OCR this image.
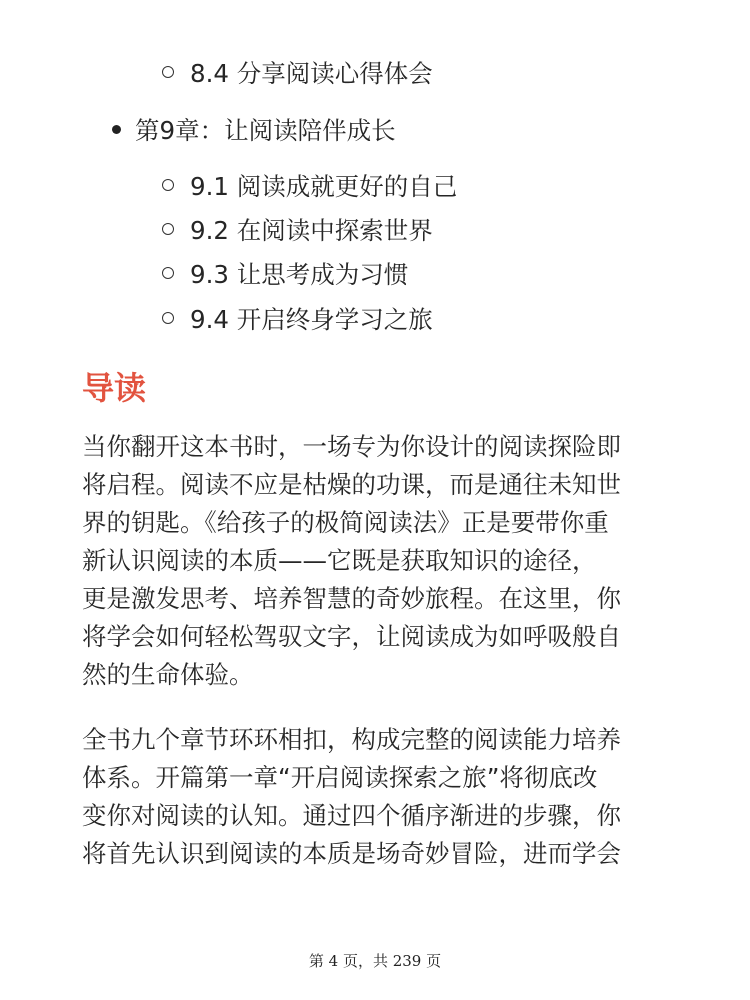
8.4 分享阅读心得体会
第9章：让阅读陪伴成长
9.1 阅读成就更好的自己
9.2 在阅读中探索世界
9.3 让思考成为习惯
9.4 开启终身学习之旅
导读

当你翻开这本书时，一场专为你设计的阅读探险即
将启程。阅读不应是枯燥的功课，而是通往未知世
界的钥匙。《给孩子的极简阅读法》正是要带你重
新认识阅读的本质——它既是获取知识的途径，
更是激发思考、培养智慧的奇妙旅程。在这里，你
将学会如何轻松驾驭文字，让阅读成为如呼吸般自
然的生命体验。

全书九个章节环环相扣，构成完整的阅读能力培养
体系。开篇第一章“开启阅读探索之旅”将彻底改
变你对阅读的认知。通过四个循序渐进的步骤，你
将首先认识到阅读的本质是场奇妙冒险，进而学会

第 4 页，共 239 页
